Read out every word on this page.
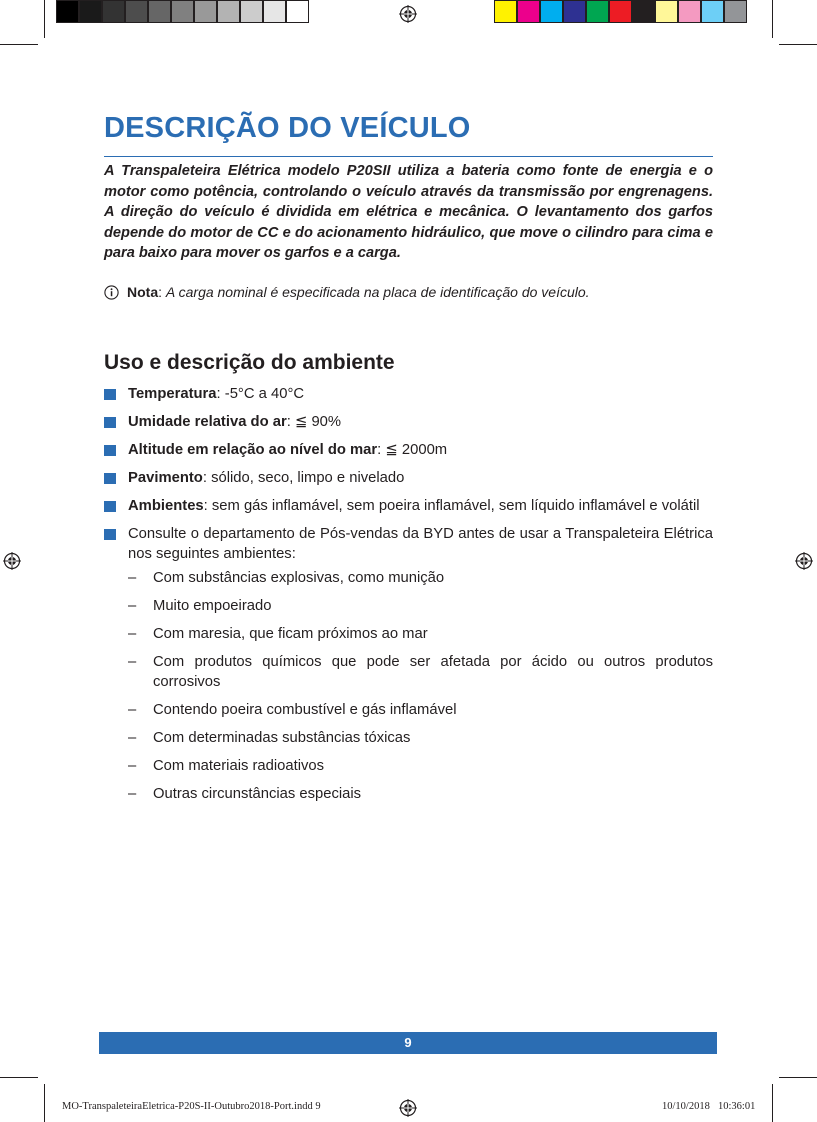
DESCRIÇÃO DO VEÍCULO

A Transpaleteira Elétrica modelo P20SII utiliza a bateria como fonte de energia e o motor como potência, controlando o veículo através da transmissão por engrenagens. A direção do veículo é dividida em elétrica e mecânica. O levantamento dos garfos depende do motor de CC e do acionamento hidráulico, que move o cilindro para cima e para baixo para mover os garfos e a carga.

Nota: A carga nominal é especificada na placa de identificação do veículo.
Uso e descrição do ambiente
Temperatura: -5°C a 40°C
Umidade relativa do ar: ≦ 90%
Altitude em relação ao nível do mar: ≦ 2000m
Pavimento: sólido, seco, limpo e nivelado
Ambientes: sem gás inflamável, sem poeira inflamável, sem líquido inflamável e volátil
Consulte o departamento de Pós-vendas da BYD antes de usar a Transpaleteira Elétrica nos seguintes ambientes:
– Com substâncias explosivas, como munição
– Muito empoeirado
– Com maresia, que ficam próximos ao mar
– Com produtos químicos que pode ser afetada por ácido ou outros produtos corrosivos
– Contendo poeira combustível e gás inflamável
– Com determinadas substâncias tóxicas
– Com materiais radioativos
– Outras circunstâncias especiais
9
MO-TranspaleteiraEletrica-P20S-II-Outubro2018-Port.indd 9	10/10/2018 10:36:01
